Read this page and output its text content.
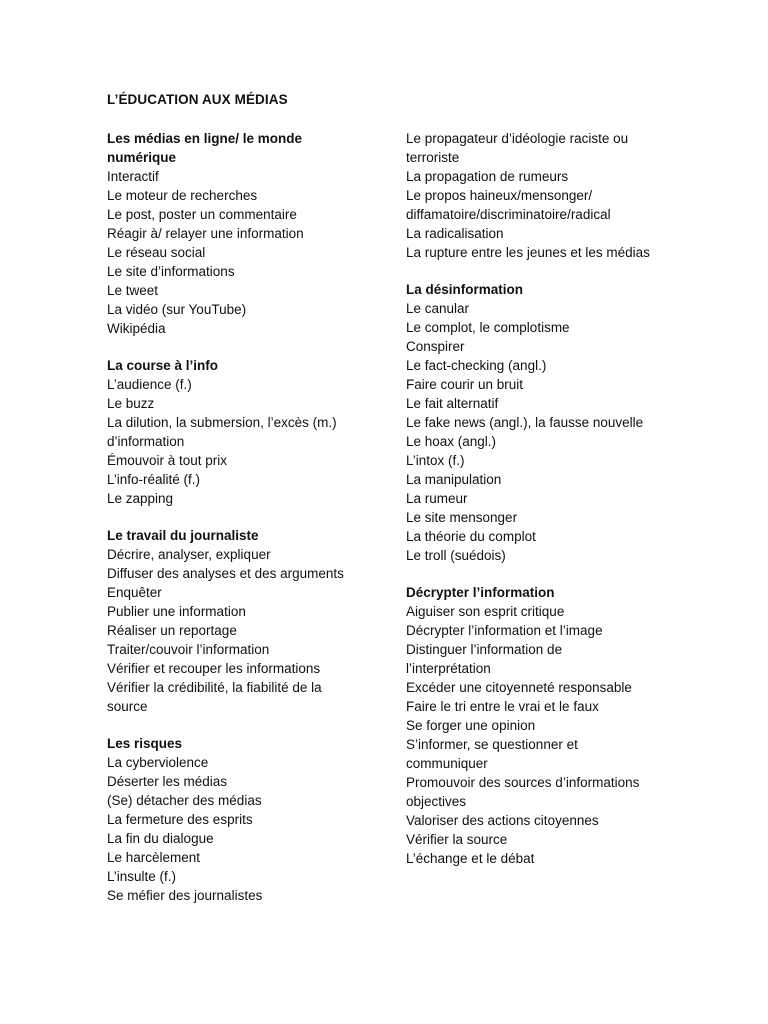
L’ÉDUCATION AUX MÉDIAS
Les médias en ligne/ le monde numérique
Interactif
Le moteur de recherches
Le post, poster un commentaire
Réagir à/ relayer une information
Le réseau social
Le site d’informations
Le tweet
La vidéo (sur YouTube)
Wikipédia
La course à l’info
L’audience (f.)
Le buzz
La dilution, la submersion, l’excès (m.) d’information
Émouvoir à tout prix
L’info-réalité (f.)
Le zapping
Le travail du journaliste
Décrire, analyser, expliquer
Diffuser des analyses et des arguments
Enquêter
Publier une information
Réaliser un reportage
Traiter/couvoir l’information
Vérifier et recouper les informations
Vérifier la crédibilité, la fiabilité de la source
Les risques
La cyberviolence
Déserter les médias
(Se) détacher des médias
La fermeture des esprits
La fin du dialogue
Le harcèlement
L’insulte (f.)
Se méfier des journalistes
Le propagateur d’idéologie raciste ou terroriste
La propagation de rumeurs
Le propos haineux/mensonger/ diffamatoire/discriminatoire/radical
La radicalisation
La rupture entre les jeunes et les médias
La désinformation
Le canular
Le complot, le complotisme
Conspirer
Le fact-checking (angl.)
Faire courir un bruit
Le fait alternatif
Le fake news (angl.), la fausse nouvelle
Le hoax (angl.)
L’intox (f.)
La manipulation
La rumeur
Le site mensonger
La théorie du complot
Le troll (suédois)
Décrypter l’information
Aiguiser son esprit critique
Décrypter l’information et l’image
Distinguer l’information de l’interprétation
Excéder une citoyenneté responsable
Faire le tri entre le vrai et le faux
Se forger une opinion
S’informer, se questionner et communiquer
Promouvoir des sources d’informations objectives
Valoriser des actions citoyennes
Vérifier la source
L’échange et le débat
